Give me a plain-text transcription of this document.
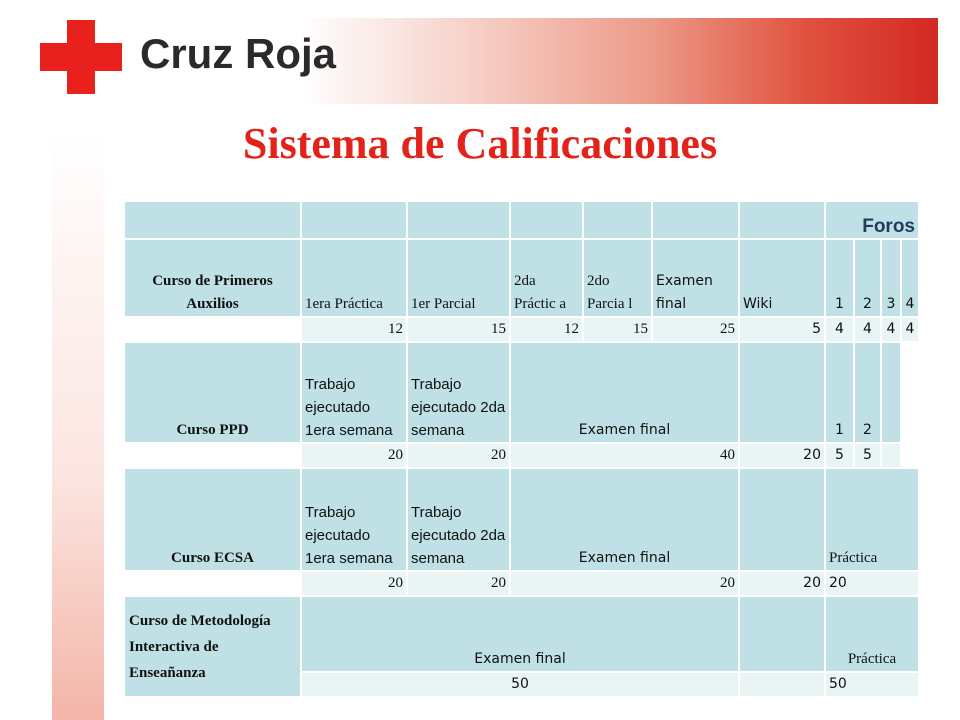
Cruz Roja
Sistema de Calificaciones
							Foros			
Curso de Primeros Auxilios	1era Práctica	1er Parcial	2da Práctic a	2do Parcia l	Examen final	Wiki	1	2	3	4
	12	15	12	15	25	5	4	4	4	4
Curso PPD	Trabajo ejecutado 1era semana	Trabajo ejecutado 2da semana	Examen final				1	2		
	20	20	40			20	5	5		
Curso ECSA	Trabajo ejecutado 1era semana	Trabajo ejecutado 2da semana	Examen final				Práctica			
	20	20	20			20	20			
Curso de Metodología Interactiva de Enseañanza	Examen final						Práctica			
	50						50			
